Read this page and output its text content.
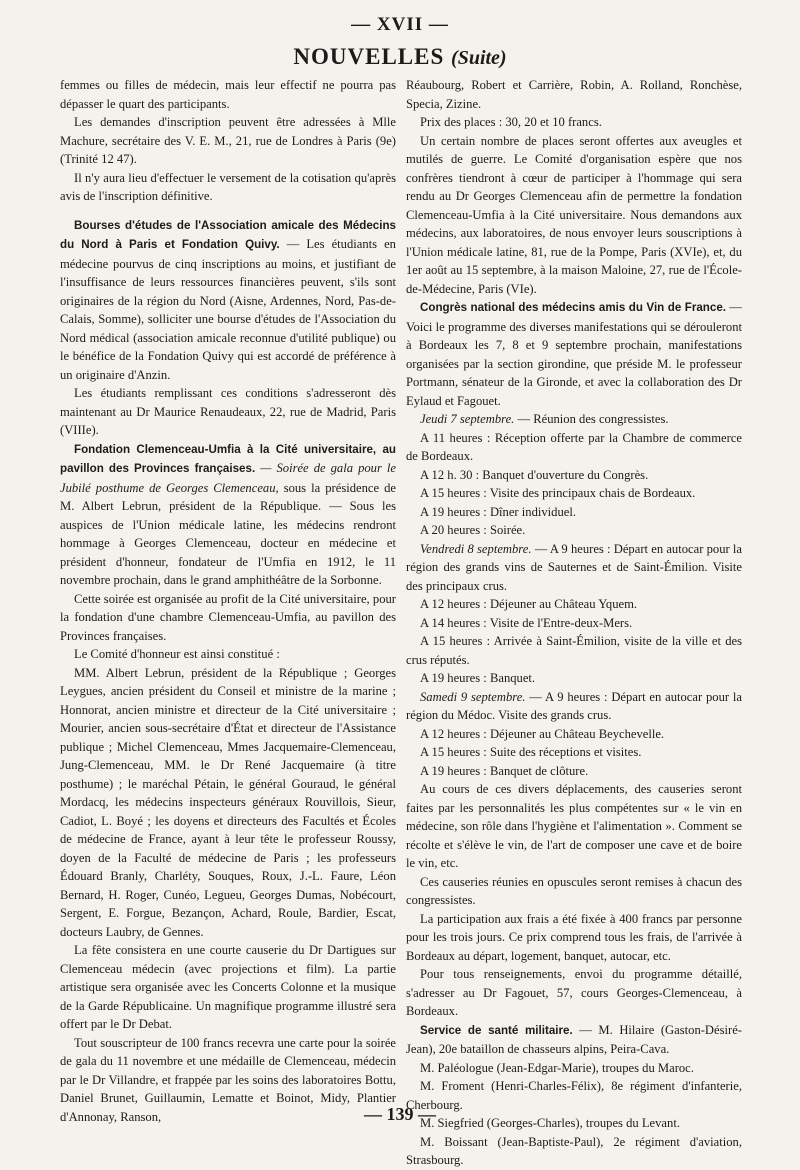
— XVII —
NOUVELLES (Suite)

femmes ou filles de médecin, mais leur effectif ne pourra pas dépasser le quart des participants.

Les demandes d'inscription peuvent être adressées à Mlle Machure, secrétaire des V. E. M., 21, rue de Londres à Paris (9e) (Trinité 12 47).

Il n'y aura lieu d'effectuer le versement de la cotisation qu'après avis de l'inscription définitive.

Bourses d'études de l'Association amicale des Médecins du Nord à Paris et Fondation Quivy. — Les étudiants en médecine pourvus de cinq inscriptions au moins, et justifiant de l'insuffisance de leurs ressources financières peuvent, s'ils sont originaires de la région du Nord (Aisne, Ardennes, Nord, Pas-de-Calais, Somme), solliciter une bourse d'études de l'Association du Nord médical (association amicale reconnue d'utilité publique) ou le bénéfice de la Fondation Quivy qui est accordé de préférence à un originaire d'Anzin.

Les étudiants remplissant ces conditions s'adresseront dès maintenant au Dr Maurice Renaudeaux, 22, rue de Madrid, Paris (VIIIe).

Fondation Clemenceau-Umfia à la Cité universitaire, au pavillon des Provinces françaises. — Soirée de gala pour le Jubilé posthume de Georges Clemenceau, sous la présidence de M. Albert Lebrun, président de la République. — Sous les auspices de l'Union médicale latine, les médecins rendront hommage à Georges Clemenceau, docteur en médecine et président d'honneur, fondateur de l'Umfia en 1912, le 11 novembre prochain, dans le grand amphithéâtre de la Sorbonne.

Cette soirée est organisée au profit de la Cité universitaire, pour la fondation d'une chambre Clemenceau-Umfia, au pavillon des Provinces françaises.

Le Comité d'honneur est ainsi constitué :

MM. Albert Lebrun, président de la République ; Georges Leygues, ancien président du Conseil et ministre de la marine ; Honnorat, ancien ministre et directeur de la Cité universitaire ; Mourier, ancien sous-secrétaire d'État et directeur de l'Assistance publique ; Michel Clemenceau, Mmes Jacquemaire-Clemenceau, Jung-Clemenceau, MM. le Dr René Jacquemaire (à titre posthume) ; le maréchal Pétain, le général Gouraud, le général Mordacq, les médecins inspecteurs généraux Rouvillois, Sieur, Cadiot, L. Boyé ; les doyens et directeurs des Facultés et Écoles de médecine de France, ayant à leur tête le professeur Roussy, doyen de la Faculté de médecine de Paris ; les professeurs Édouard Branly, Charléty, Souques, Roux, J.-L. Faure, Léon Bernard, H. Roger, Cunéo, Legueu, Georges Dumas, Nobécourt, Sergent, E. Forgue, Bezançon, Achard, Roule, Bardier, Escat, docteurs Laubry, de Gennes.

La fête consistera en une courte causerie du Dr Dartigues sur Clemenceau médecin (avec projections et film). La partie artistique sera organisée avec les Concerts Colonne et la musique de la Garde Républicaine. Un magnifique programme illustré sera offert par le Dr Debat.

Tout souscripteur de 100 francs recevra une carte pour la soirée de gala du 11 novembre et une médaille de Clemenceau, médecin par le Dr Villandre, et frappée par les soins des laboratoires Bottu, Daniel Brunet, Guillaumin, Lematte et Boinot, Midy, Plantier d'Annonay, Ranson,

Réaubourg, Robert et Carrière, Robin, A. Rolland, Ronchèse, Specia, Zizine.

Prix des places : 30, 20 et 10 francs.

Un certain nombre de places seront offertes aux aveugles et mutilés de guerre. Le Comité d'organisation espère que nos confrères tiendront à cœur de participer à l'hommage qui sera rendu au Dr Georges Clemenceau afin de permettre la fondation Clemenceau-Umfia à la Cité universitaire. Nous demandons aux médecins, aux laboratoires, de nous envoyer leurs souscriptions à l'Union médicale latine, 81, rue de la Pompe, Paris (XVIe), et, du 1er août au 15 septembre, à la maison Maloine, 27, rue de l'École-de-Médecine, Paris (VIe).

Congrès national des médecins amis du Vin de France. — Voici le programme des diverses manifestations qui se dérouleront à Bordeaux les 7, 8 et 9 septembre prochain, manifestations organisées par la section girondine, que préside M. le professeur Portmann, sénateur de la Gironde, et avec la collaboration des Dr Eylaud et Fagouet.

Jeudi 7 septembre. — Réunion des congressistes.

A 11 heures : Réception offerte par la Chambre de commerce de Bordeaux.

A 12 h. 30 : Banquet d'ouverture du Congrès.

A 15 heures : Visite des principaux chais de Bordeaux.

A 19 heures : Dîner individuel.

A 20 heures : Soirée.

Vendredi 8 septembre. — A 9 heures : Départ en autocar pour la région des grands vins de Sauternes et de Saint-Émilion. Visite des principaux crus.

A 12 heures : Déjeuner au Château Yquem.

A 14 heures : Visite de l'Entre-deux-Mers.

A 15 heures : Arrivée à Saint-Émilion, visite de la ville et des crus réputés.

A 19 heures : Banquet.

Samedi 9 septembre. — A 9 heures : Départ en autocar pour la région du Médoc. Visite des grands crus.

A 12 heures : Déjeuner au Château Beychevelle.

A 15 heures : Suite des réceptions et visites.

A 19 heures : Banquet de clôture.

Au cours de ces divers déplacements, des causeries seront faites par les personnalités les plus compétentes sur « le vin en médecine, son rôle dans l'hygiène et l'alimentation ». Comment se récolte et s'élève le vin, de l'art de composer une cave et de boire le vin, etc.

Ces causeries réunies en opuscules seront remises à chacun des congressistes.

La participation aux frais a été fixée à 400 francs par personne pour les trois jours. Ce prix comprend tous les frais, de l'arrivée à Bordeaux au départ, logement, banquet, autocar, etc.

Pour tous renseignements, envoi du programme détaillé, s'adresser au Dr Fagouet, 57, cours Georges-Clemenceau, à Bordeaux.

Service de santé militaire. — M. Hilaire (Gaston-Désiré-Jean), 20e bataillon de chasseurs alpins, Peira-Cava.

M. Paléologue (Jean-Edgar-Marie), troupes du Maroc.

M. Froment (Henri-Charles-Félix), 8e régiment d'infanterie, Cherbourg.

M. Siegfried (Georges-Charles), troupes du Levant.

M. Boissant (Jean-Baptiste-Paul), 2e régiment d'aviation, Strasbourg.

— 139 —
